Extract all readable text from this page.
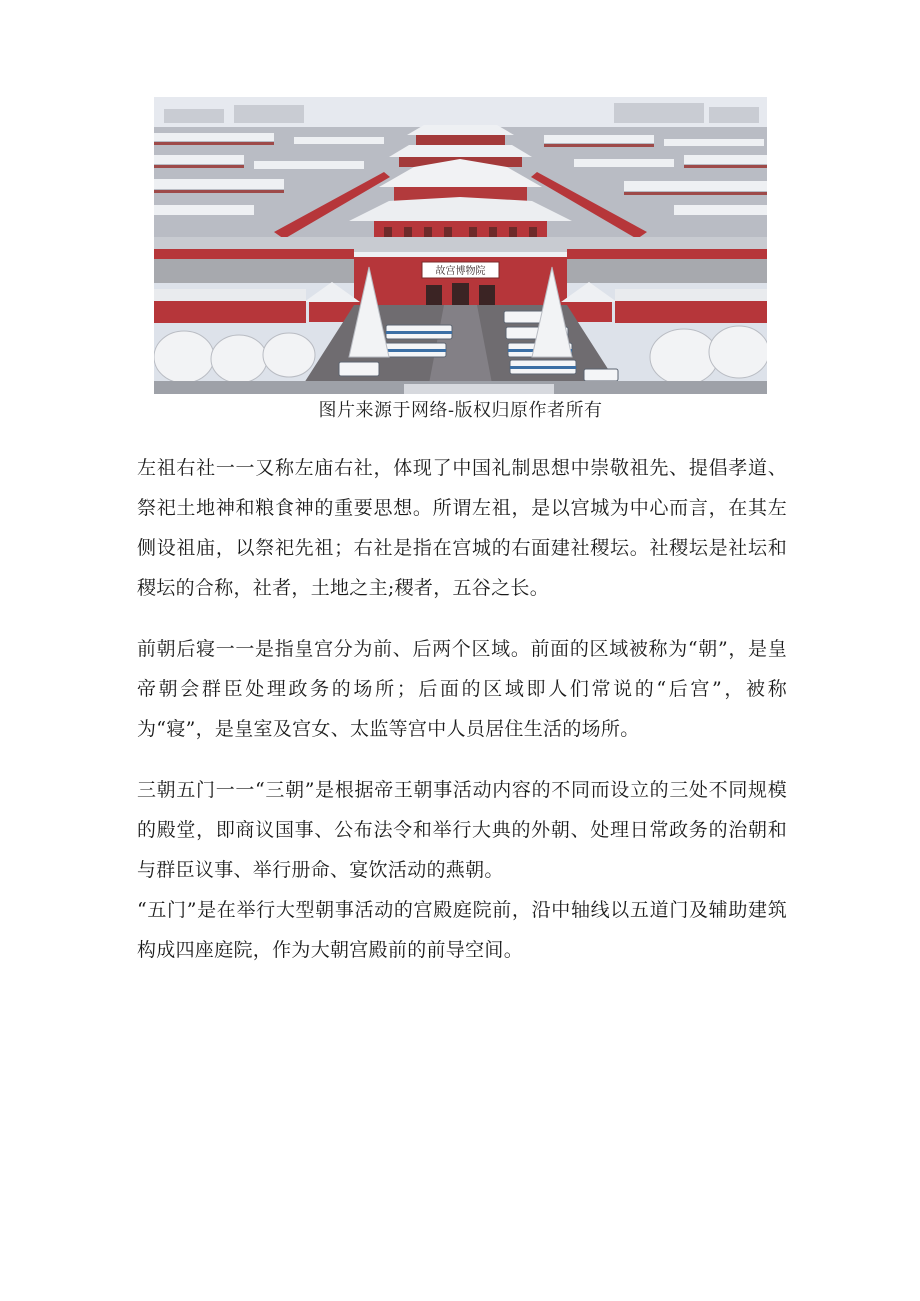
故宫博物院
图片来源于网络-版权归原作者所有

左祖右社一一又称左庙右社，体现了中国礼制思想中崇敬祖先、提倡孝道、祭祀土地神和粮食神的重要思想。所谓左祖，是以宫城为中心而言，在其左侧设祖庙，以祭祀先祖；右社是指在宫城的右面建社稷坛。社稷坛是社坛和稷坛的合称，社者，土地之主;稷者，五谷之长。

前朝后寝一一是指皇宫分为前、后两个区域。前面的区域被称为“朝”，是皇帝朝会群臣处理政务的场所；后面的区域即人们常说的“后宫”，被称为“寝”，是皇室及宫女、太监等宫中人员居住生活的场所。

三朝五门一一“三朝”是根据帝王朝事活动内容的不同而设立的三处不同规模的殿堂，即商议国事、公布法令和举行大典的外朝、处理日常政务的治朝和与群臣议事、举行册命、宴饮活动的燕朝。

“五门”是在举行大型朝事活动的宫殿庭院前，沿中轴线以五道门及辅助建筑构成四座庭院，作为大朝宫殿前的前导空间。
